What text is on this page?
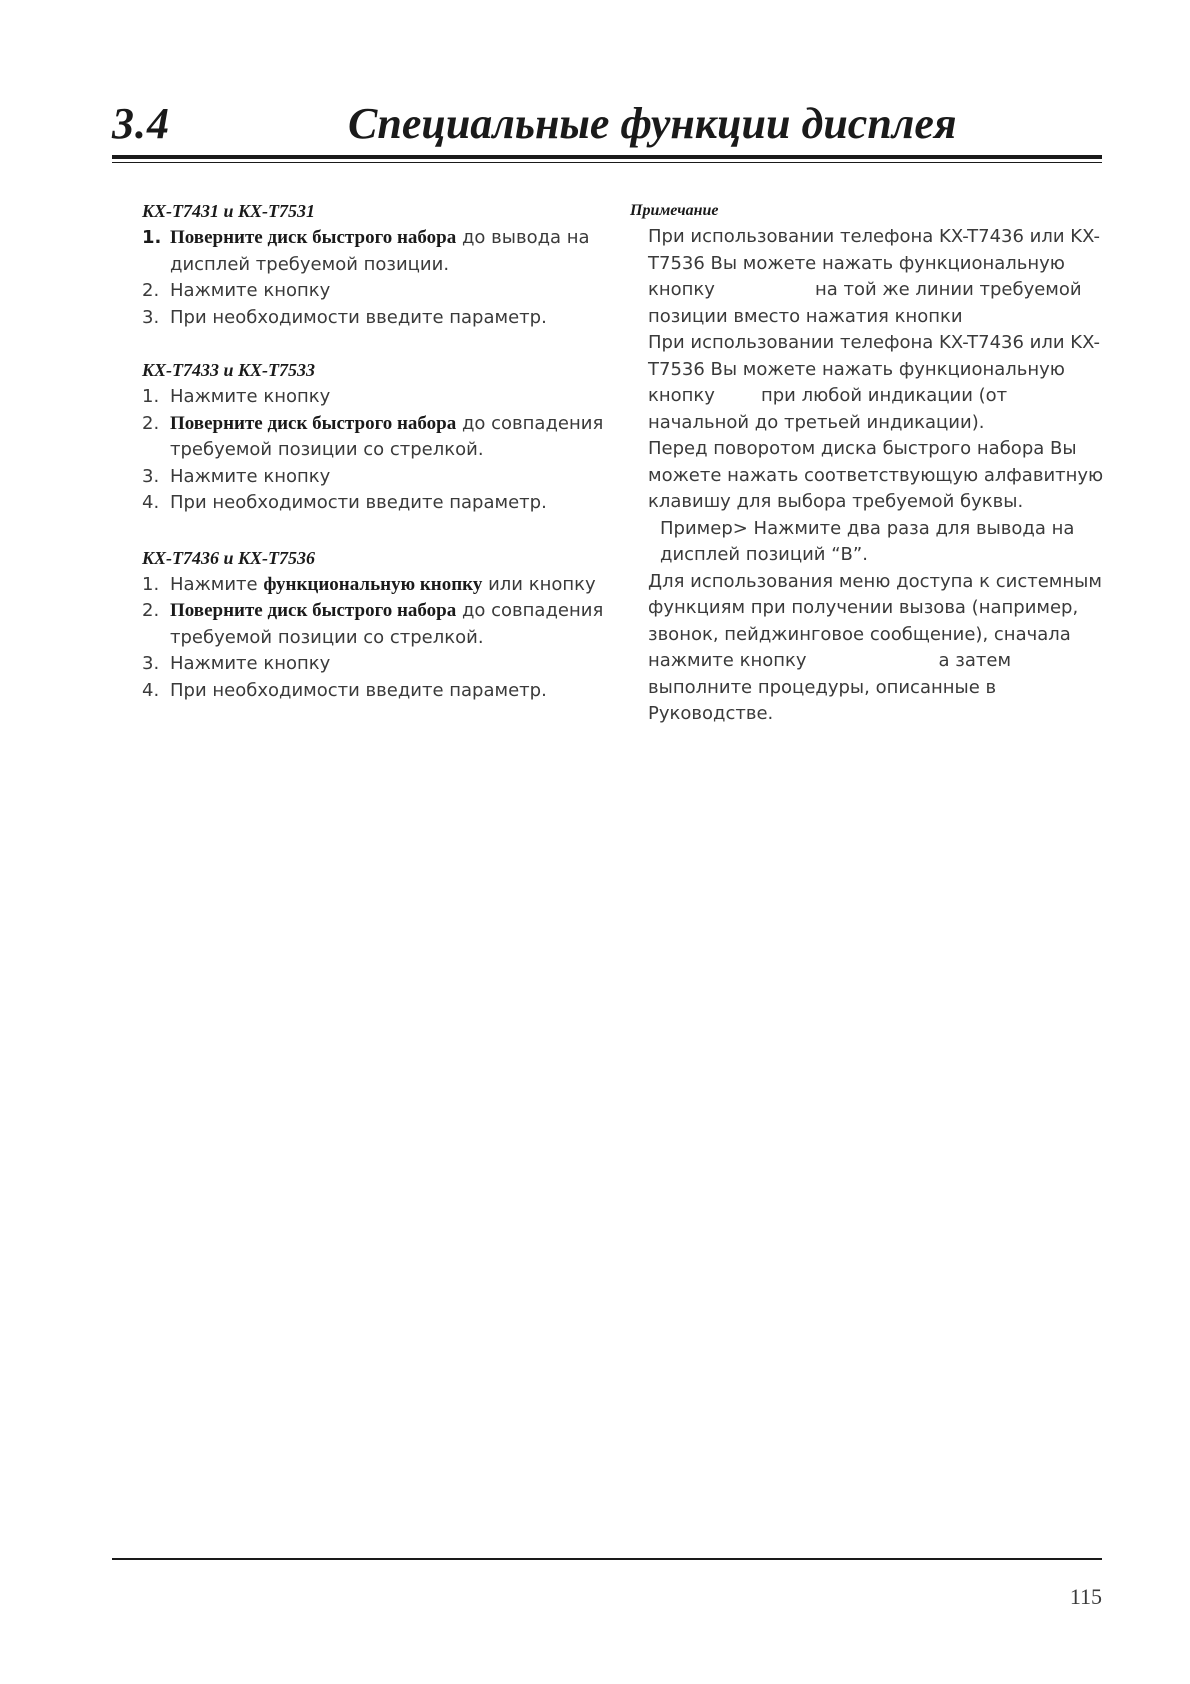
3.4	Специальные функции дисплея
KX-T7431 и KX-T7531
1. Поверните диск быстрого набора до вывода на дисплей требуемой позиции.
2. Нажмите кнопку
3. При необходимости введите параметр.
KX-T7433 и KX-T7533
1. Нажмите кнопку
2. Поверните диск быстрого набора до совпадения требуемой позиции со стрелкой.
3. Нажмите кнопку
4. При необходимости введите параметр.
KX-T7436 и KX-T7536
1. Нажмите функциональную кнопку или кнопку
2. Поверните диск быстрого набора до совпадения требуемой позиции со стрелкой.
3. Нажмите кнопку
4. При необходимости введите параметр.
Примечание

При использовании телефона KX-T7436 или KX-T7536 Вы можете нажать функциональную кнопку	на той же линии требуемой позиции вместо нажатия кнопки

При использовании телефона KX-T7436 или KX-T7536 Вы можете нажать функциональную кнопку	при любой индикации (от начальной до третьей индикации).

Перед поворотом диска быстрого набора Вы можете нажать соответствующую алфавитную клавишу для выбора требуемой буквы.

Пример> Нажмите два раза для вывода на дисплей позиций “В”.

Для использования меню доступа к системным функциям при получении вызова (например, звонок, пейджинговое сообщение), сначала нажмите кнопку	а затем выполните процедуры, описанные в Руководстве.

115
